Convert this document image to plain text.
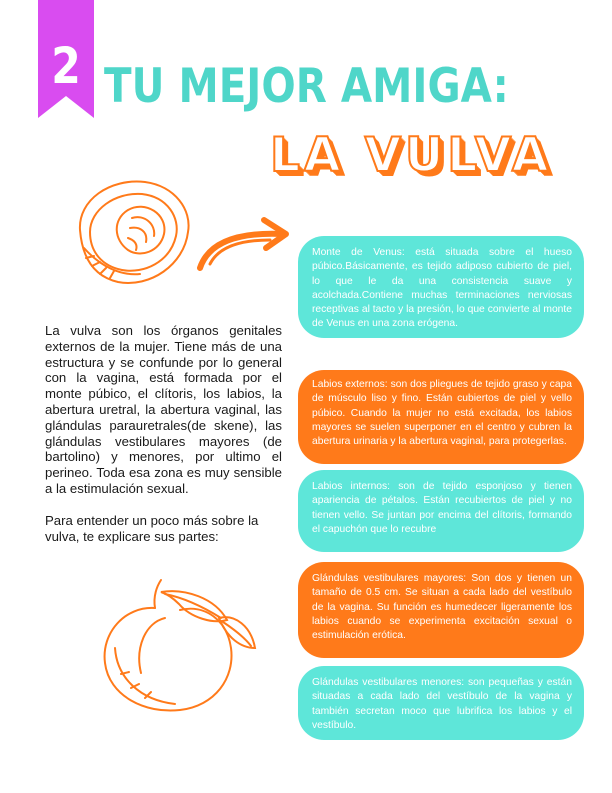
2 TU MEJOR AMIGA:
LA VULVA

La vulva son los órganos genitales externos de la mujer. Tiene más de una estructura y se confunde por lo general con la vagina, está formada por el monte púbico, el clítoris, los labios, la abertura uretral, la abertura vaginal, las glándulas parauretrales(de skene), las glándulas vestibulares mayores (de bartolino) y menores, por ultimo el perineo. Toda esa zona es muy sensible a la estimulación sexual.

Para entender un poco más sobre la vulva, te explicare sus partes:

Monte de Venus: está situada sobre el hueso púbico.Básicamente, es tejido adiposo cubierto de piel, lo que le da una consistencia suave y acolchada.Contiene muchas terminaciones nerviosas receptivas al tacto y la presión, lo que convierte al monte de Venus en una zona erógena.
Labios externos: son dos pliegues de tejido graso y capa de músculo liso y fino. Están cubiertos de piel y vello púbico. Cuando la mujer no está excitada, los labios mayores se suelen superponer en el centro y cubren la abertura urinaria y la abertura vaginal, para protegerlas.
Labios internos: son de tejido esponjoso y tienen apariencia de pétalos. Están recubiertos de piel y no tienen vello. Se juntan por encima del clítoris, formando el capuchón que lo recubre
Glándulas vestibulares mayores: Son dos y tienen un tamaño de 0.5 cm. Se situan a cada lado del vestíbulo de la vagina. Su función es humedecer ligeramente los labios cuando se experimenta excitación sexual o estimulación erótica.
Glándulas vestibulares menores: son pequeñas y están situadas a cada lado del vestíbulo de la vagina y también secretan moco que lubrifica los labios y el vestíbulo.
